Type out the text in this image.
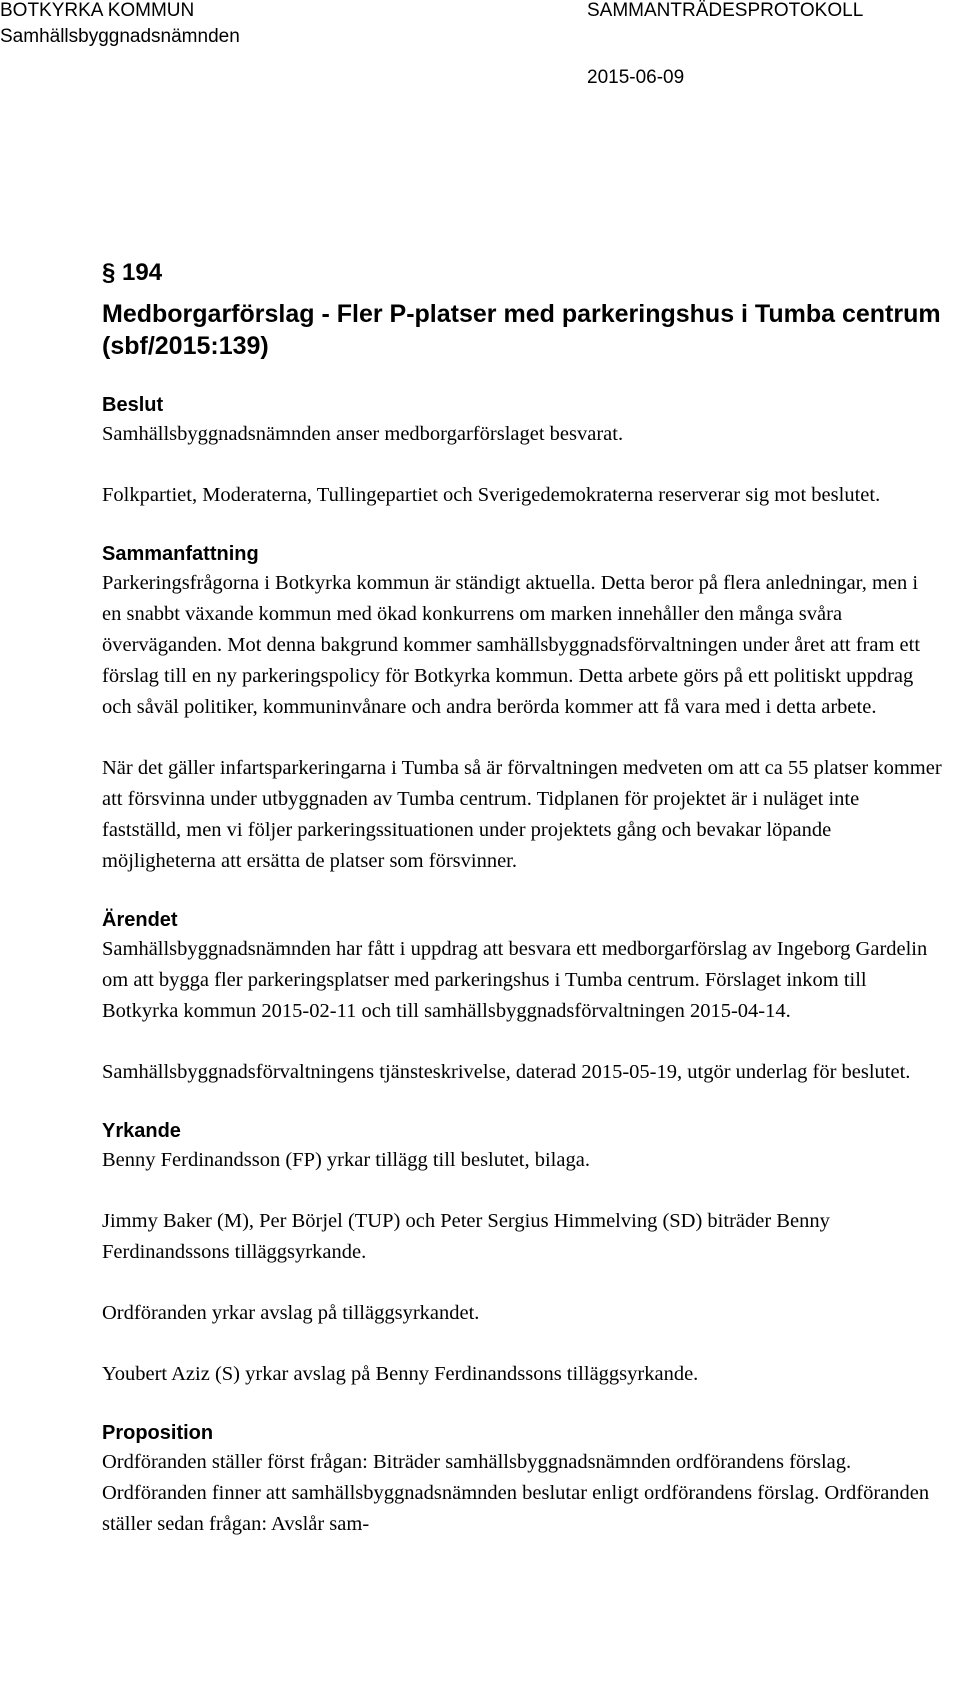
BOTKYRKA KOMMUN
Samhällsbyggnadsnämnden
SAMMANTRÄDESPROTOKOLL
2015-06-09
§ 194
Medborgarförslag - Fler P-platser med parkeringshus i Tumba centrum (sbf/2015:139)
Beslut

Samhällsbyggnadsnämnden anser medborgarförslaget besvarat.

Folkpartiet, Moderaterna, Tullingepartiet och Sverigedemokraterna reserverar sig mot beslutet.

Sammanfattning

Parkeringsfrågorna i Botkyrka kommun är ständigt aktuella. Detta beror på flera anledningar, men i en snabbt växande kommun med ökad konkurrens om marken innehåller den många svåra överväganden. Mot denna bakgrund kommer samhällsbyggnadsförvaltningen under året att fram ett förslag till en ny parkeringspolicy för Botkyrka kommun. Detta arbete görs på ett politiskt uppdrag och såväl politiker, kommuninvånare och andra berörda kommer att få vara med i detta arbete.

När det gäller infartsparkeringarna i Tumba så är förvaltningen medveten om att ca 55 platser kommer att försvinna under utbyggnaden av Tumba centrum. Tidplanen för projektet är i nuläget inte fastställd, men vi följer parkeringssituationen under projektets gång och bevakar löpande möjligheterna att ersätta de platser som försvinner.

Ärendet

Samhällsbyggnadsnämnden har fått i uppdrag att besvara ett medborgarförslag av Ingeborg Gardelin om att bygga fler parkeringsplatser med parkeringshus i Tumba centrum. Förslaget inkom till Botkyrka kommun 2015-02-11 och till samhällsbyggnadsförvaltningen 2015-04-14.

Samhällsbyggnadsförvaltningens tjänsteskrivelse, daterad 2015-05-19, utgör underlag för beslutet.

Yrkande

Benny Ferdinandsson (FP) yrkar tillägg till beslutet, bilaga.

Jimmy Baker (M), Per Börjel (TUP) och Peter Sergius Himmelving (SD) biträder Benny Ferdinandssons tilläggsyrkande.

Ordföranden yrkar avslag på tilläggsyrkandet.

Youbert Aziz (S) yrkar avslag på Benny Ferdinandssons tilläggsyrkande.

Proposition

Ordföranden ställer först frågan: Biträder samhällsbyggnadsnämnden ordförandens förslag. Ordföranden finner att samhällsbyggnadsnämnden beslutar enligt ordförandens förslag. Ordföranden ställer sedan frågan: Avslår sam-
